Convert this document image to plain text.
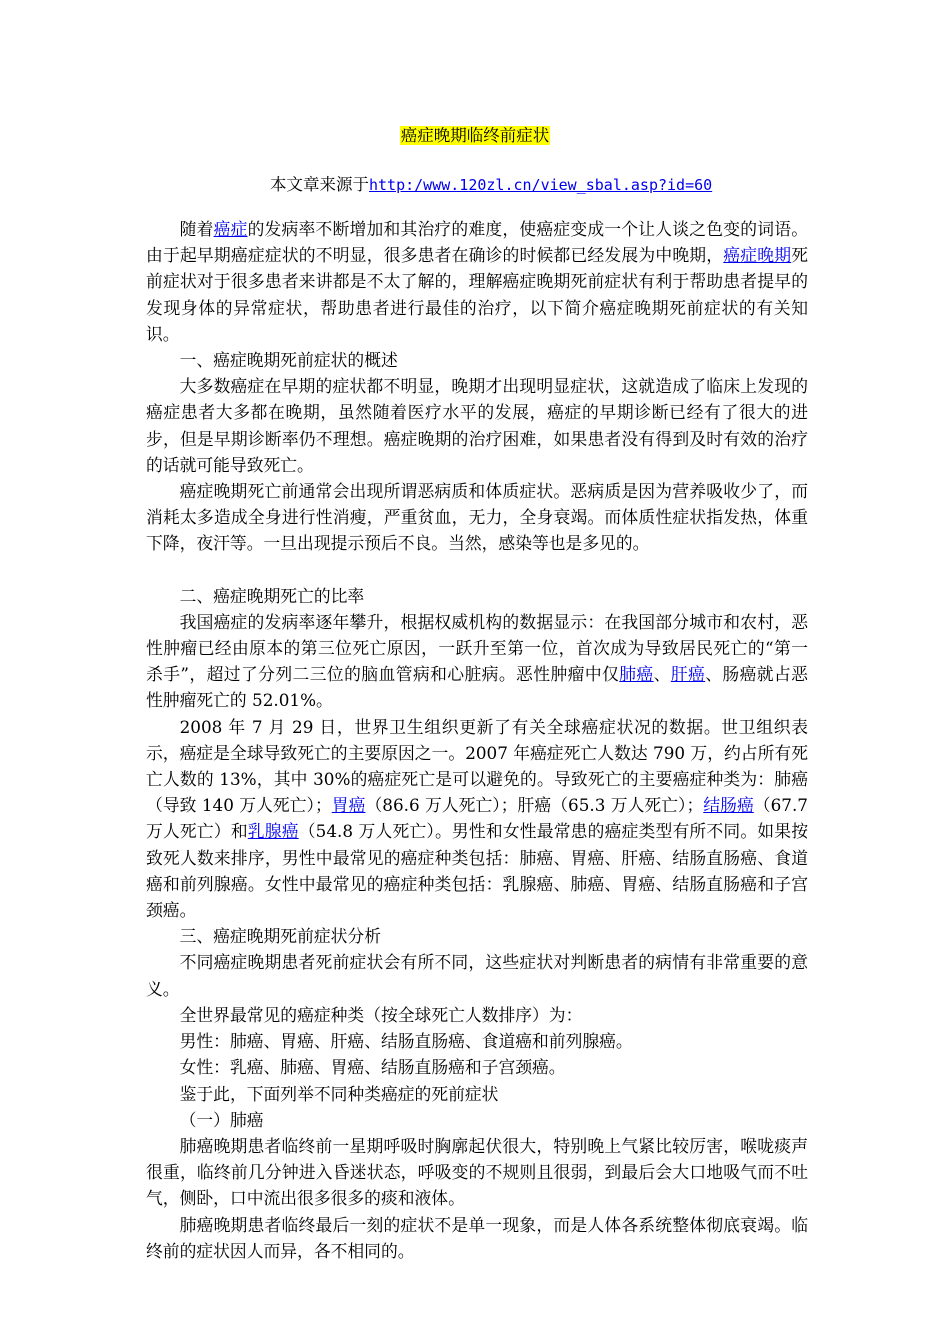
癌症晚期临终前症状
本文章来源于http:/www.120zl.cn/view_sbal.asp?id=60

随着癌症的发病率不断增加和其治疗的难度，使癌症变成一个让人谈之色变的词语。由于起早期癌症症状的不明显，很多患者在确诊的时候都已经发展为中晚期，癌症晚期死前症状对于很多患者来讲都是不太了解的，理解癌症晚期死前症状有利于帮助患者提早的发现身体的异常症状，帮助患者进行最佳的治疗，以下简介癌症晚期死前症状的有关知识。

一、癌症晚期死前症状的概述

大多数癌症在早期的症状都不明显，晚期才出现明显症状，这就造成了临床上发现的癌症患者大多都在晚期，虽然随着医疗水平的发展，癌症的早期诊断已经有了很大的进步，但是早期诊断率仍不理想。癌症晚期的治疗困难，如果患者没有得到及时有效的治疗的话就可能导致死亡。

癌症晚期死亡前通常会出现所谓恶病质和体质症状。恶病质是因为营养吸收少了，而消耗太多造成全身进行性消瘦，严重贫血，无力，全身衰竭。而体质性症状指发热，体重下降，夜汗等。一旦出现提示预后不良。当然，感染等也是多见的。

二、癌症晚期死亡的比率

我国癌症的发病率逐年攀升，根据权威机构的数据显示：在我国部分城市和农村，恶性肿瘤已经由原本的第三位死亡原因，一跃升至第一位，首次成为导致居民死亡的“第一杀手”，超过了分列二三位的脑血管病和心脏病。恶性肿瘤中仅肺癌、肝癌、肠癌就占恶性肿瘤死亡的 52.01%。

2008 年 7 月 29 日，世界卫生组织更新了有关全球癌症状况的数据。世卫组织表示，癌症是全球导致死亡的主要原因之一。2007 年癌症死亡人数达 790 万，约占所有死亡人数的 13%，其中 30%的癌症死亡是可以避免的。导致死亡的主要癌症种类为：肺癌（导致 140 万人死亡）；胃癌（86.6 万人死亡）；肝癌（65.3 万人死亡）；结肠癌（67.7 万人死亡）和乳腺癌（54.8 万人死亡）。男性和女性最常患的癌症类型有所不同。如果按致死人数来排序，男性中最常见的癌症种类包括：肺癌、胃癌、肝癌、结肠直肠癌、食道癌和前列腺癌。女性中最常见的癌症种类包括：乳腺癌、肺癌、胃癌、结肠直肠癌和子宫颈癌。

三、癌症晚期死前症状分析

不同癌症晚期患者死前症状会有所不同，这些症状对判断患者的病情有非常重要的意义。

全世界最常见的癌症种类（按全球死亡人数排序）为：

男性：肺癌、胃癌、肝癌、结肠直肠癌、食道癌和前列腺癌。

女性：乳癌、肺癌、胃癌、结肠直肠癌和子宫颈癌。

鉴于此，下面列举不同种类癌症的死前症状

（一）肺癌

肺癌晚期患者临终前一星期呼吸时胸廓起伏很大，特别晚上气紧比较厉害，喉咙痰声很重，临终前几分钟进入昏迷状态，呼吸变的不规则且很弱，到最后会大口地吸气而不吐气，侧卧，口中流出很多很多的痰和液体。

肺癌晚期患者临终最后一刻的症状不是单一现象，而是人体各系统整体彻底衰竭。临终前的症状因人而异，各不相同的。
